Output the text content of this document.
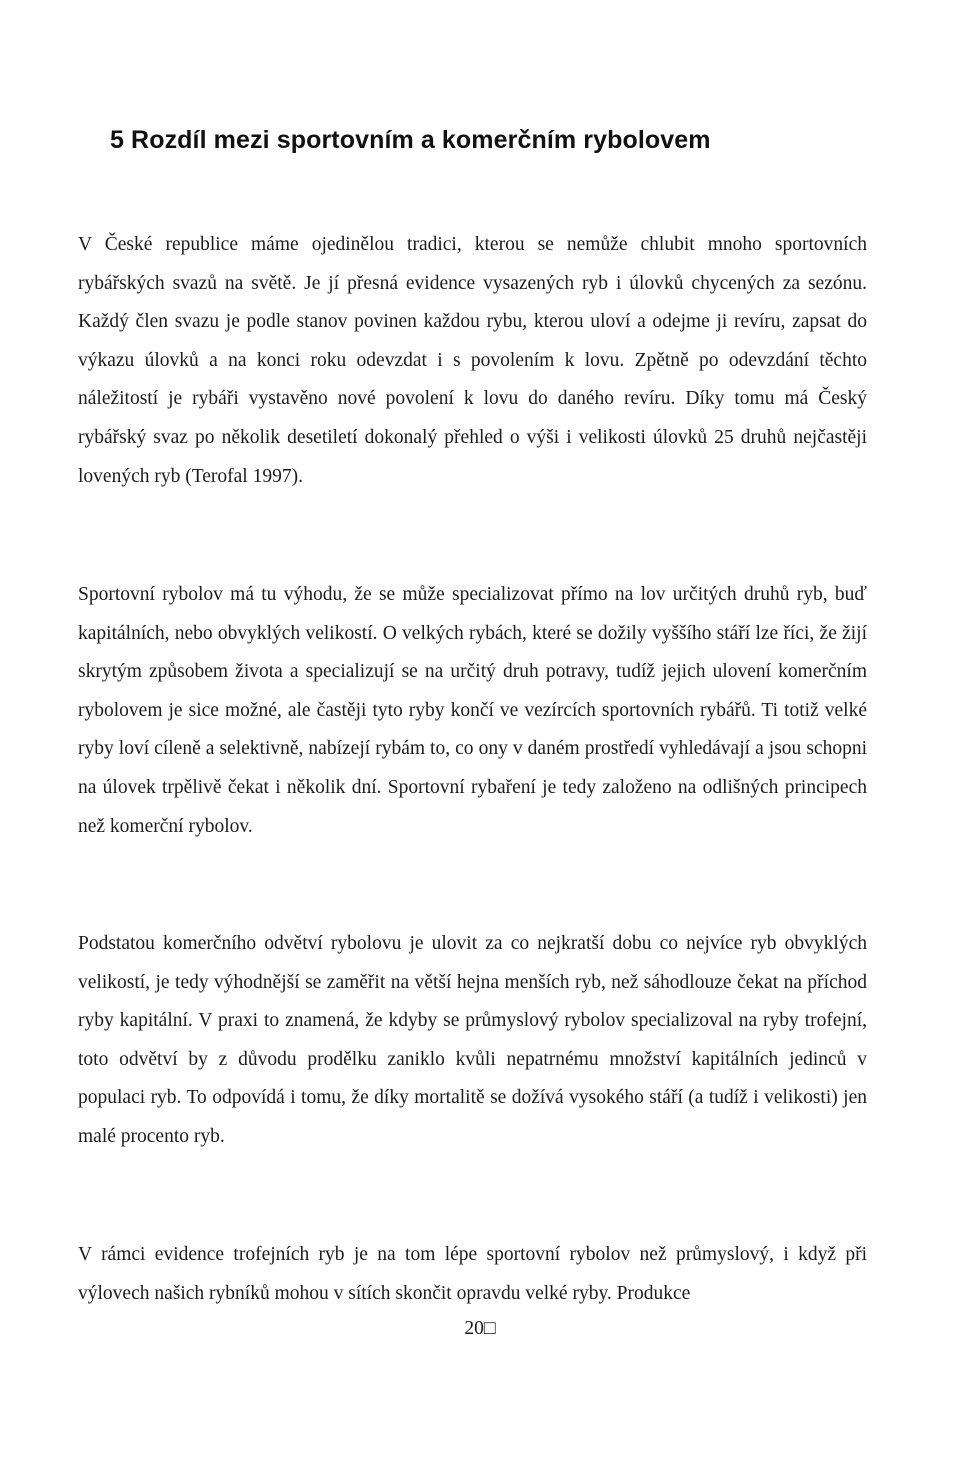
5 Rozdíl mezi sportovním a komerčním rybolovem

V České republice máme ojedinělou tradici, kterou se nemůže chlubit mnoho sportovních rybářských svazů na světě. Je jí přesná evidence vysazených ryb i úlovků chycených za sezónu. Každý člen svazu je podle stanov povinen každou rybu, kterou uloví a odejme ji revíru, zapsat do výkazu úlovků a na konci roku odevzdat i s povolením k lovu. Zpětně po odevzdání těchto náležitostí je rybáři vystavěno nové povolení k lovu do daného revíru. Díky tomu má Český rybářský svaz po několik desetiletí dokonalý přehled o výši i velikosti úlovků 25 druhů nejčastěji lovených ryb (Terofal 1997).

Sportovní rybolov má tu výhodu, že se může specializovat přímo na lov určitých druhů ryb, buď kapitálních, nebo obvyklých velikostí. O velkých rybách, které se dožily vyššího stáří lze říci, že žijí skrytým způsobem života a specializují se na určitý druh potravy, tudíž jejich ulovení komerčním rybolovem je sice možné, ale častěji tyto ryby končí ve vezírcích sportovních rybářů. Ti totiž velké ryby loví cíleně a selektivně, nabízejí rybám to, co ony v daném prostředí vyhledávají a jsou schopni na úlovek trpělivě čekat i několik dní. Sportovní rybaření je tedy založeno na odlišných principech než komerční rybolov.

Podstatou komerčního odvětví rybolovu je ulovit za co nejkratší dobu co nejvíce ryb obvyklých velikostí, je tedy výhodnější se zaměřit na větší hejna menších ryb, než sáhodlouze čekat na příchod ryby kapitální. V praxi to znamená, že kdyby se průmyslový rybolov specializoval na ryby trofejní, toto odvětví by z důvodu prodělku zaniklo kvůli nepatrnému množství kapitálních jedinců v populaci ryb. To odpovídá i tomu, že díky mortalitě se dožívá vysokého stáří (a tudíž i velikosti) jen malé procento ryb.

V rámci evidence trofejních ryb je na tom lépe sportovní rybolov než průmyslový, i když při výlovech našich rybníků mohou v sítích skončit opravdu velké ryby. Produkce

20□
